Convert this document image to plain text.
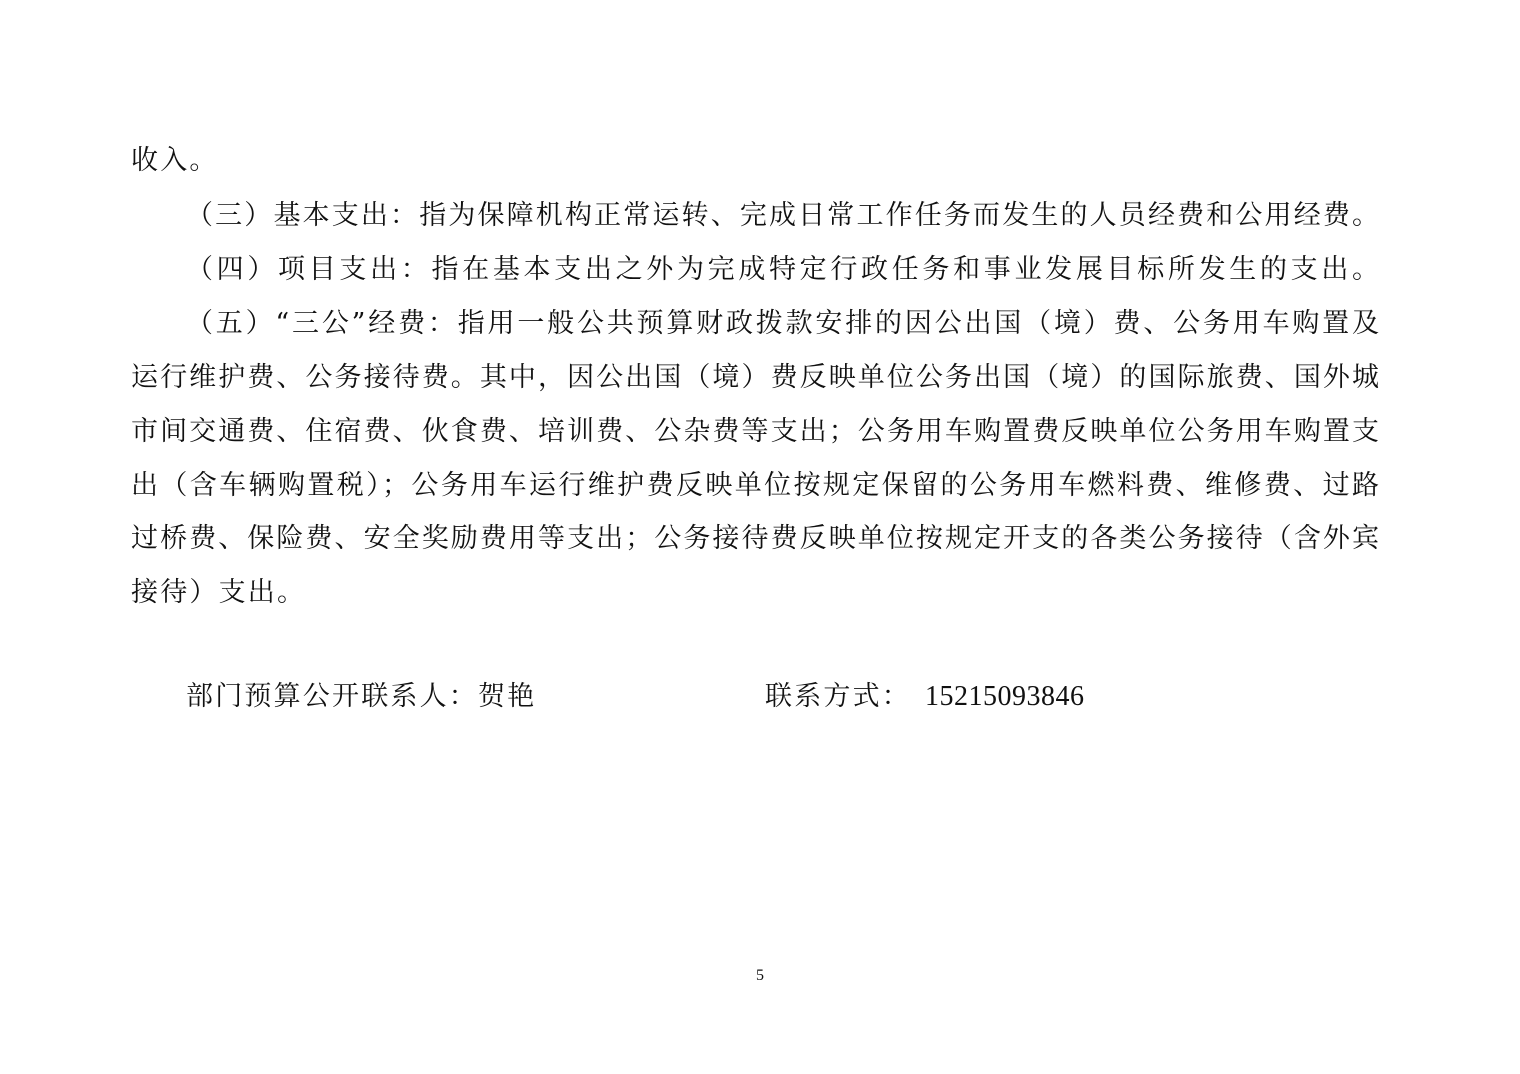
收入。
（三）基本支出：指为保障机构正常运转、完成日常工作任务而发生的人员经费和公用经费。
（四）项目支出：指在基本支出之外为完成特定行政任务和事业发展目标所发生的支出。
（五）“三公”经费：指用一般公共预算财政拨款安排的因公出国（境）费、公务用车购置及
运行维护费、公务接待费。其中，因公出国（境）费反映单位公务出国（境）的国际旅费、国外城
市间交通费、住宿费、伙食费、培训费、公杂费等支出；公务用车购置费反映单位公务用车购置支
出（含车辆购置税）；公务用车运行维护费反映单位按规定保留的公务用车燃料费、维修费、过路
过桥费、保险费、安全奖励费用等支出；公务接待费反映单位按规定开支的各类公务接待（含外宾
接待）支出。
部门预算公开联系人：贺艳	联系方式： 15215093846
5
